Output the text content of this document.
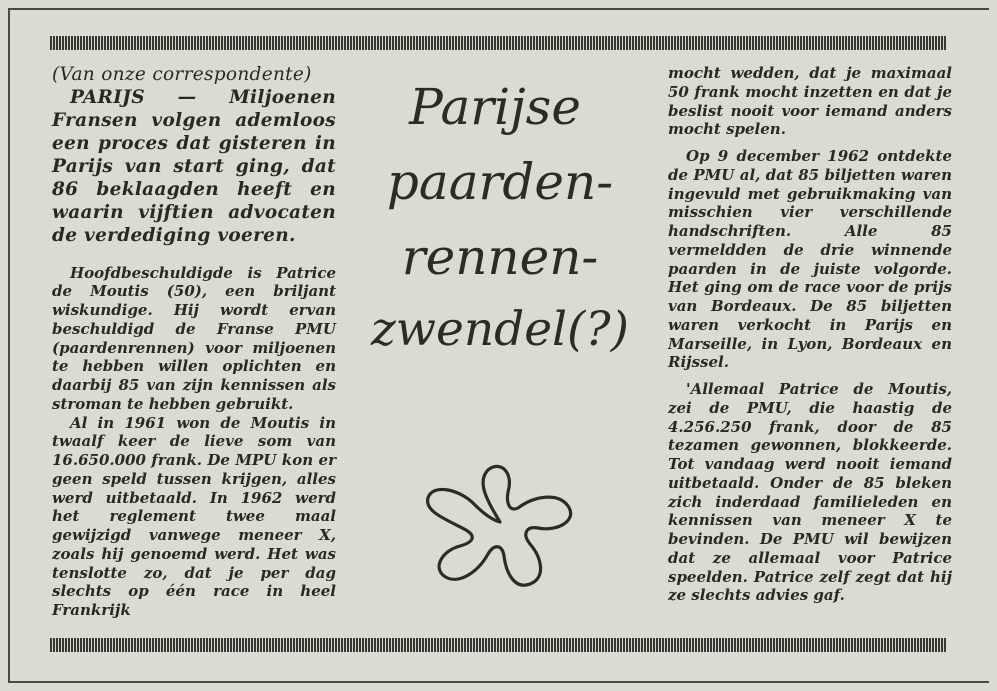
(Van onze correspondente)

PARIJS — Miljoenen Fransen volgen ademloos een proces dat gisteren in Parijs van start ging, dat 86 beklaagden heeft en waarin vijftien advocaten de verdediging voeren.

Hoofdbeschuldigde is Patrice de Moutis (50), een briljant wiskundige. Hij wordt ervan beschuldigd de Franse PMU (paardenrennen) voor miljoenen te hebben willen oplichten en daarbij 85 van zijn kennissen als stroman te hebben gebruikt.

Al in 1961 won de Moutis in twaalf keer de lieve som van 16.650.000 frank. De MPU kon er geen speld tussen krijgen, alles werd uitbetaald. In 1962 werd het reglement twee maal gewijzigd vanwege meneer X, zoals hij genoemd werd. Het was tenslotte zo, dat je per dag slechts op één race in heel Frankrijk

Parijse
paarden-
rennen-
zwendel(?)

mocht wedden, dat je maximaal 50 frank mocht inzetten en dat je beslist nooit voor iemand anders mocht spelen.

Op 9 december 1962 ontdekte de PMU al, dat 85 biljetten waren ingevuld met gebruikmaking van misschien vier verschillende handschriften. Alle 85 vermeldden de drie winnende paarden in de juiste volgorde. Het ging om de race voor de prijs van Bordeaux. De 85 biljetten waren verkocht in Parijs en Marseille, in Lyon, Bordeaux en Rijssel.

'Allemaal Patrice de Moutis, zei de PMU, die haastig de 4.256.250 frank, door de 85 tezamen gewonnen, blokkeerde. Tot vandaag werd nooit iemand uitbetaald. Onder de 85 bleken zich inderdaad familieleden en kennissen van meneer X te bevinden. De PMU wil bewijzen dat ze allemaal voor Patrice speelden. Patrice zelf zegt dat hij ze slechts advies gaf.
